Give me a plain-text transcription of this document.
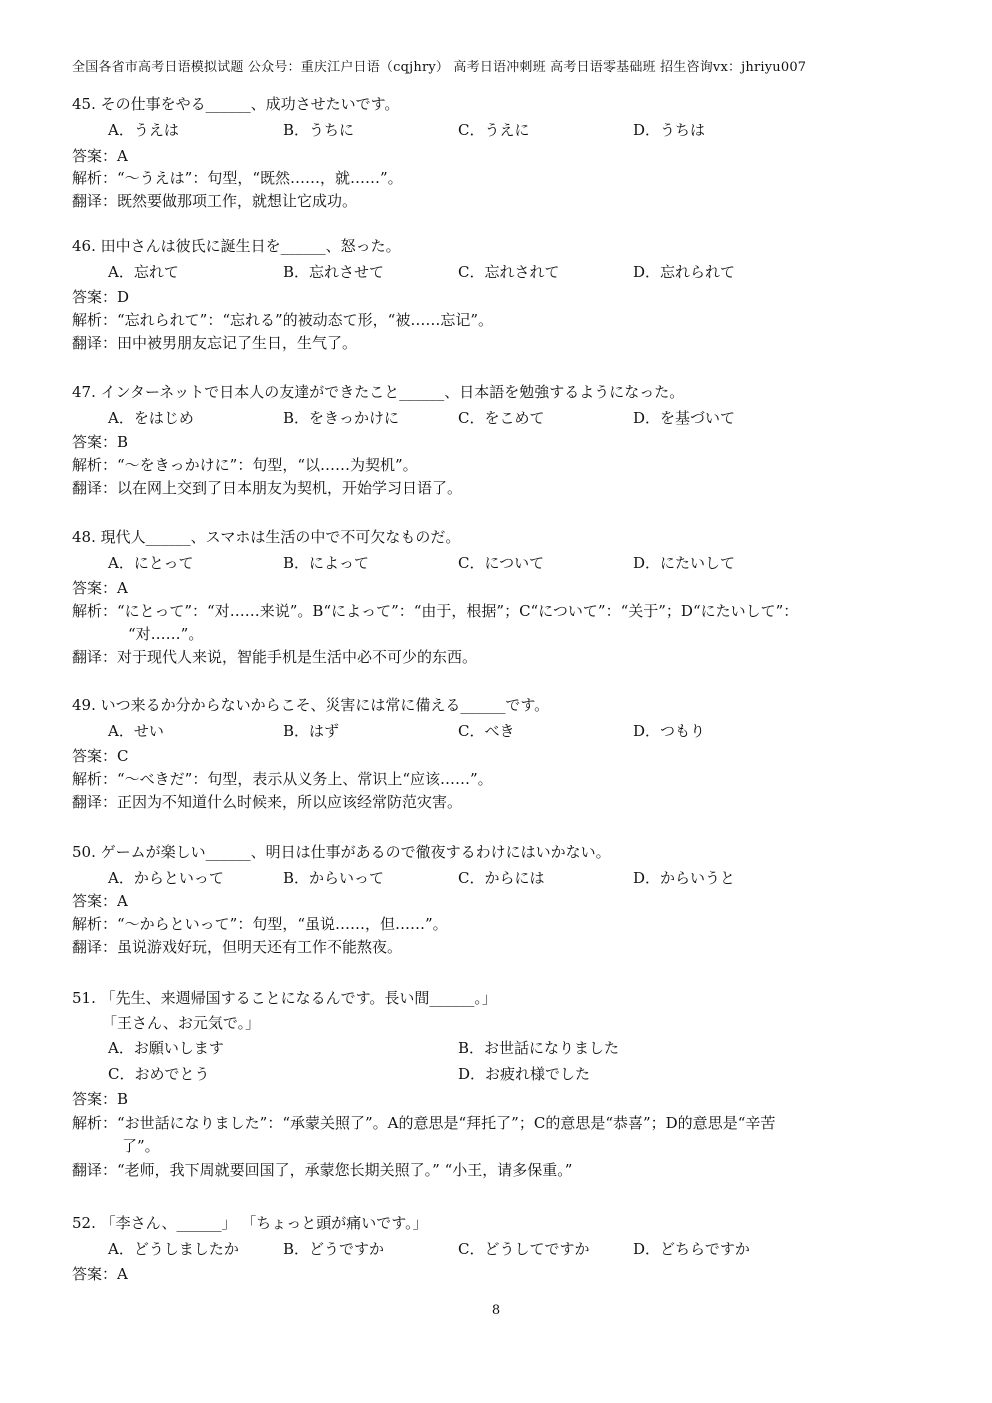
全国各省市高考日语模拟试题 公众号：重庆江户日语（cqjhry） 高考日语冲刺班 高考日语零基础班 招生咨询vx：jhriyu007
45. その仕事をやる______、成功させたいです。
A．うえは	B．うちに	C．うえに	D．うちは
答案：A
解析：“～うえは”：句型，“既然……，就……”。
翻译：既然要做那项工作，就想让它成功。
46. 田中さんは彼氏に誕生日を______、怒った。
A．忘れて	B．忘れさせて	C．忘れされて	D．忘れられて
答案：D
解析：“忘れられて”：“忘れる”的被动态て形，“被……忘记”。
翻译：田中被男朋友忘记了生日，生气了。
47. インターネットで日本人の友達ができたこと______、日本語を勉強するようになった。
A．をはじめ	B．をきっかけに	C．をこめて	D．を基づいて
答案：B
解析：“～をきっかけに”：句型，“以……为契机”。
翻译：以在网上交到了日本朋友为契机，开始学习日语了。
48. 現代人______、スマホは生活の中で不可欠なものだ。
A．にとって	B．によって	C．について	D．にたいして
答案：A
解析：“にとって”：“对……来说”。B“によって”：“由于，根据”；C“について”：“关于”；D“にたいして”：
“对……”。
翻译：对于现代人来说，智能手机是生活中必不可少的东西。
49. いつ来るか分からないからこそ、災害には常に備える______です。
A．せい	B．はず	C．べき	D．つもり
答案：C
解析：“～べきだ”：句型，表示从义务上、常识上“应该……”。
翻译：正因为不知道什么时候来，所以应该经常防范灾害。
50. ゲームが楽しい______、明日は仕事があるので徹夜するわけにはいかない。
A．からといって	B．からいって	C．からには	D．からいうと
答案：A
解析：“～からといって”：句型，“虽说……，但……”。
翻译：虽说游戏好玩，但明天还有工作不能熬夜。
51. 「先生、来週帰国することになるんです。長い間______。」
「王さん、お元気で。」
A．お願いします	B．お世話になりました
C．おめでとう	D．お疲れ様でした
答案：B
解析：“お世話になりました”：“承蒙关照了”。A的意思是“拜托了”；C的意思是“恭喜”；D的意思是“辛苦
了”。
翻译：“老师，我下周就要回国了，承蒙您长期关照了。” “小王，请多保重。”
52. 「李さん、______」 「ちょっと頭が痛いです。」
A．どうしましたか	B．どうですか	C．どうしてですか	D．どちらですか
答案：A
8
